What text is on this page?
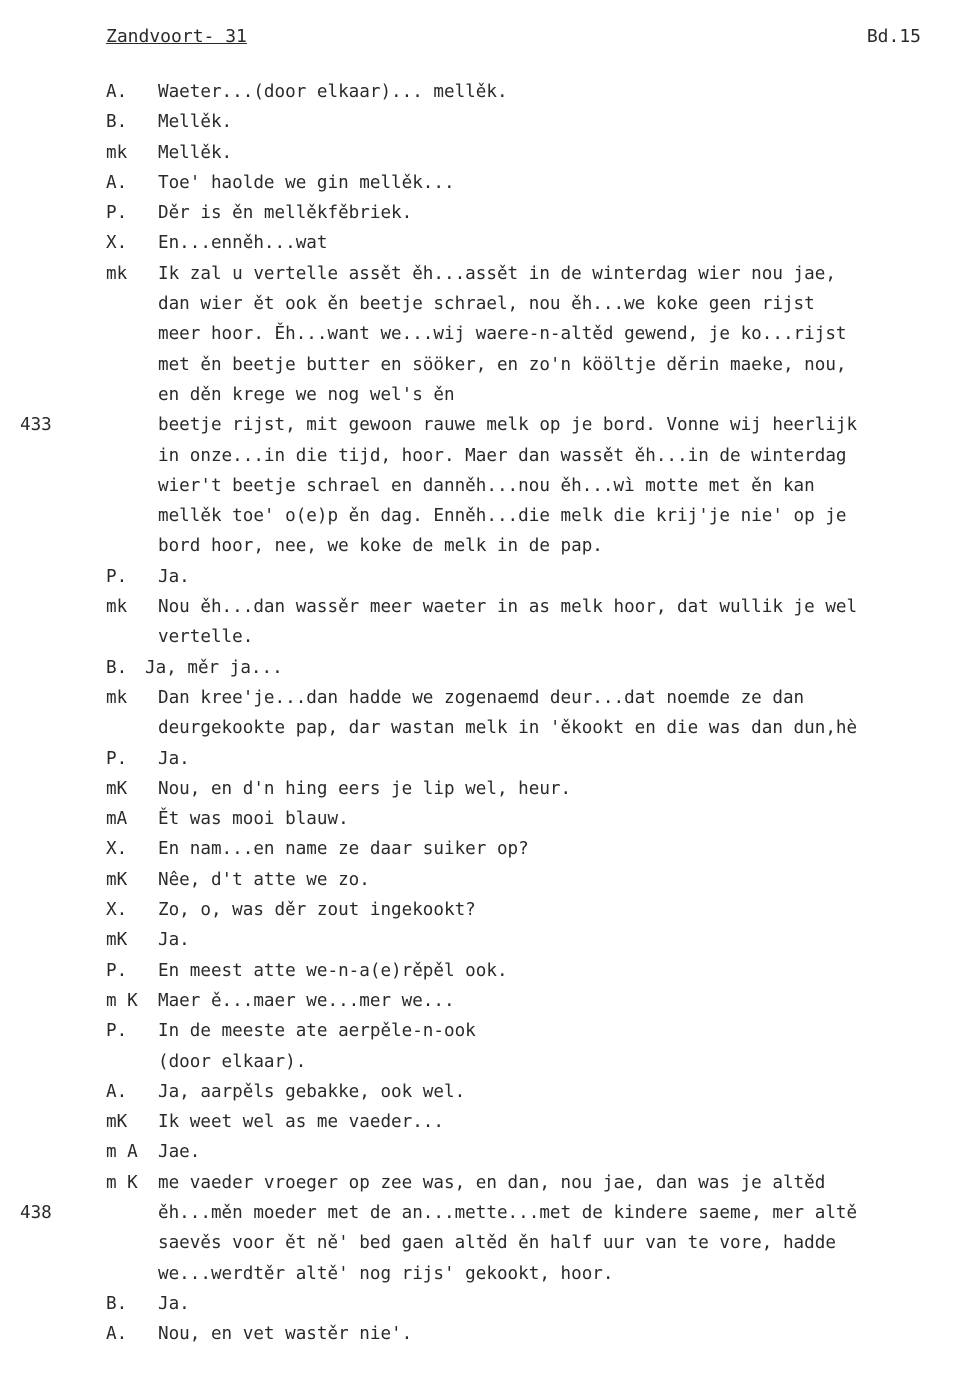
Zandvoort- 31	Bd.15
A. Waeter...(door elkaar)... mellěk.
B. Mellěk.
mk Mellěk.
A. Toe' haolde we gin mellěk...
P. Děr is ěn mellěkfěbriek.
X. En...enněh...wat
mk Ik zal u vertelle assět ěh...assět in de winterdag wier nou jae,
dan wier ět ook ěn beetje schrael, nou ěh...we koke geen rijst
meer hoor. Ěh...want we...wij waere-n-altěd gewend, je ko...rijst
met ěn beetje butter en sööker, en zo'n kööltje děrin maeke, nou,
en děn krege we nog wel's ěn
433	beetje rijst, mit gewoon rauwe melk op je bord. Vonne wij heerlijk
in onze...in die tijd, hoor. Maer dan wassět ěh...in de winterdag
wier't beetje schrael en danněh...nou ěh...wì motte met ěn kan
mellěk toe' o(e)p ěn dag. Enněh...die melk die krij'je nie' op je
bord hoor, nee, we koke de melk in de pap.
P. Ja.
mk Nou ěh...dan wassěr meer waeter in as melk hoor, dat wullik je wel
vertelle.
B. Ja, měr ja...
mk Dan kree'je...dan hadde we zogenaemd deur...dat noemde ze dan
deurgekookte pap, dar wastan melk in 'ěkookt en die was dan dun,hè
P. Ja.
mK Nou, en d'n hing eers je lip wel, heur.
mA Ět was mooi blauw.
X. En nam...en name ze daar suiker op?
mK Nêe, d't atte we zo.
X. Zo, o, was děr zout ingekookt?
mK Ja.
P. En meest atte we-n-a(e)rěpěl ook.
m K Maer ě...maer we...mer we...
P. In de meeste ate aerpěle-n-ook
(door elkaar).
A. Ja, aarpěls gebakke, ook wel.
mK Ik weet wel as me vaeder...
m A Jae.
m K me vaeder vroeger op zee was, en dan, nou jae, dan was je altěd
438	ěh...měn moeder met de an...mette...met de kindere saeme, mer altě
saevěs voor ět ně' bed gaen altěd ěn half uur van te vore, hadde
we...werdtěr altě' nog rijs' gekookt, hoor.
B. Ja.
A. Nou, en vet wastěr nie'.
